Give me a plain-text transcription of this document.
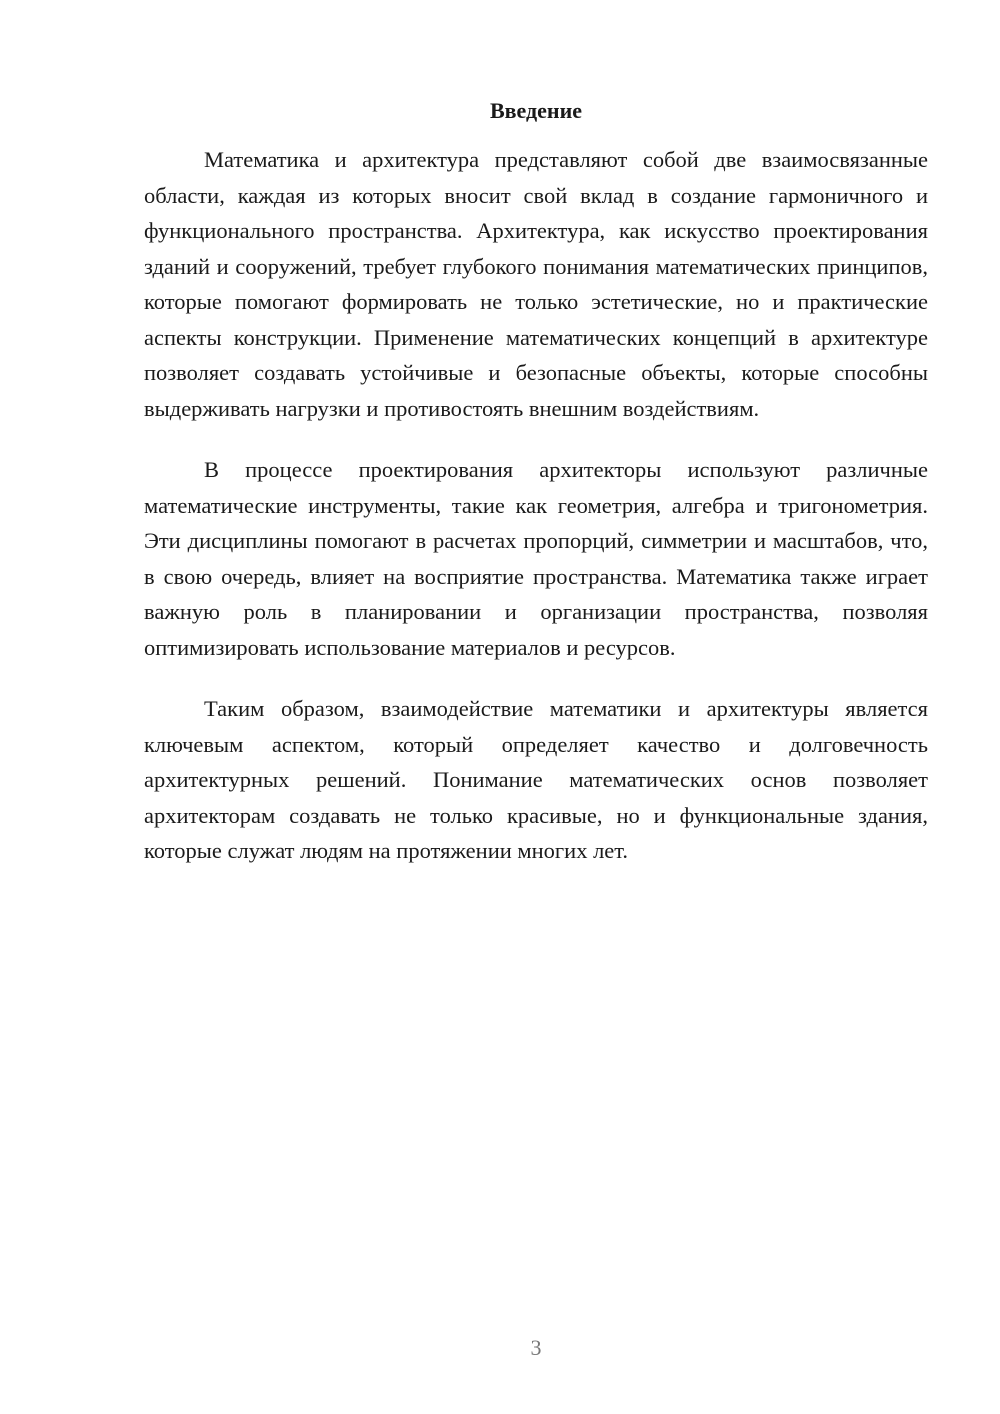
Введение

Математика и архитектура представляют собой две взаимосвязанные области, каждая из которых вносит свой вклад в создание гармоничного и функционального пространства. Архитектура, как искусство проектирования зданий и сооружений, требует глубокого понимания математических принципов, которые помогают формировать не только эстетические, но и практические аспекты конструкции. Применение математических концепций в архитектуре позволяет создавать устойчивые и безопасные объекты, которые способны выдерживать нагрузки и противостоять внешним воздействиям.

В процессе проектирования архитекторы используют различные математические инструменты, такие как геометрия, алгебра и тригонометрия. Эти дисциплины помогают в расчетах пропорций, симметрии и масштабов, что, в свою очередь, влияет на восприятие пространства. Математика также играет важную роль в планировании и организации пространства, позволяя оптимизировать использование материалов и ресурсов.

Таким образом, взаимодействие математики и архитектуры является ключевым аспектом, который определяет качество и долговечность архитектурных решений. Понимание математических основ позволяет архитекторам создавать не только красивые, но и функциональные здания, которые служат людям на протяжении многих лет.

3
